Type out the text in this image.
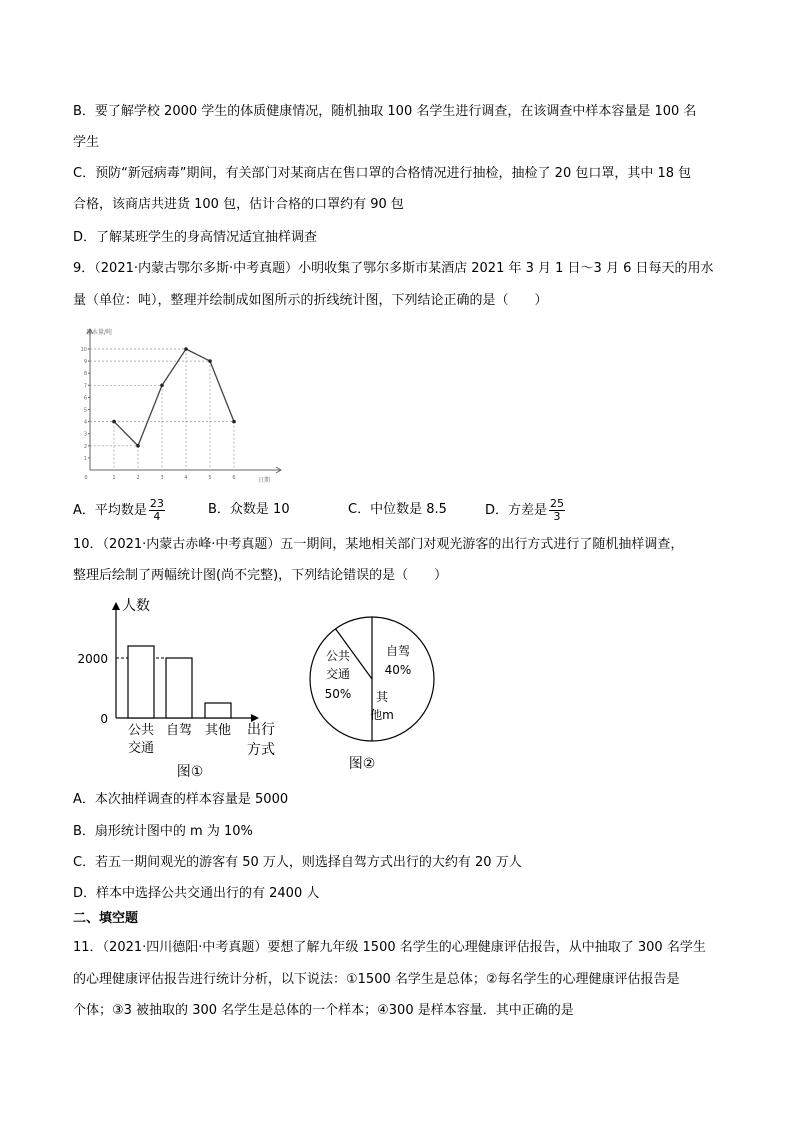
B．要了解学校 2000 学生的体质健康情况，随机抽取 100 名学生进行调查，在该调查中样本容量是 100 名
学生
C．预防“新冠病毒”期间，有关部门对某商店在售口罩的合格情况进行抽检，抽检了 20 包口罩，其中 18 包
合格，该商店共进货 100 包，估计合格的口罩约有 90 包
D．了解某班学生的身高情况适宜抽样调查
9．（2021·内蒙古鄂尔多斯·中考真题）小明收集了鄂尔多斯市某酒店 2021 年 3 月 1 日～3 月 6 日每天的用水
量（单位：吨），整理并绘制成如图所示的折线统计图，下列结论正确的是（　　）
用水量/吨
日期
1
2
3
4
5
6
7
8
9
10
0	1	2	3	4	5	6
A．平均数是 $\frac{23}{4}$	B．众数是 10	C．中位数是 8.5	D．方差是 $\frac{25}{3}$
10．（2021·内蒙古赤峰·中考真题）五一期间，某地相关部门对观光游客的出行方式进行了随机抽样调查，
整理后绘制了两幅统计图(尚不完整)，下列结论错误的是（　　）
人数
0
2000
公共
交通
自驾 其他 出行
方式
图①
公共
交通
50%
自驾
40%
其
他m
图②
A．本次抽样调查的样本容量是 5000
B．扇形统计图中的 m 为 10%
C．若五一期间观光的游客有 50 万人，则选择自驾方式出行的大约有 20 万人
D．样本中选择公共交通出行的有 2400 人
二、填空题
11．（2021·四川德阳·中考真题）要想了解九年级 1500 名学生的心理健康评估报告，从中抽取了 300 名学生
的心理健康评估报告进行统计分析，以下说法：①1500 名学生是总体；②每名学生的心理健康评估报告是
个体；③3 被抽取的 300 名学生是总体的一个样本；④300 是样本容量．其中正确的是
